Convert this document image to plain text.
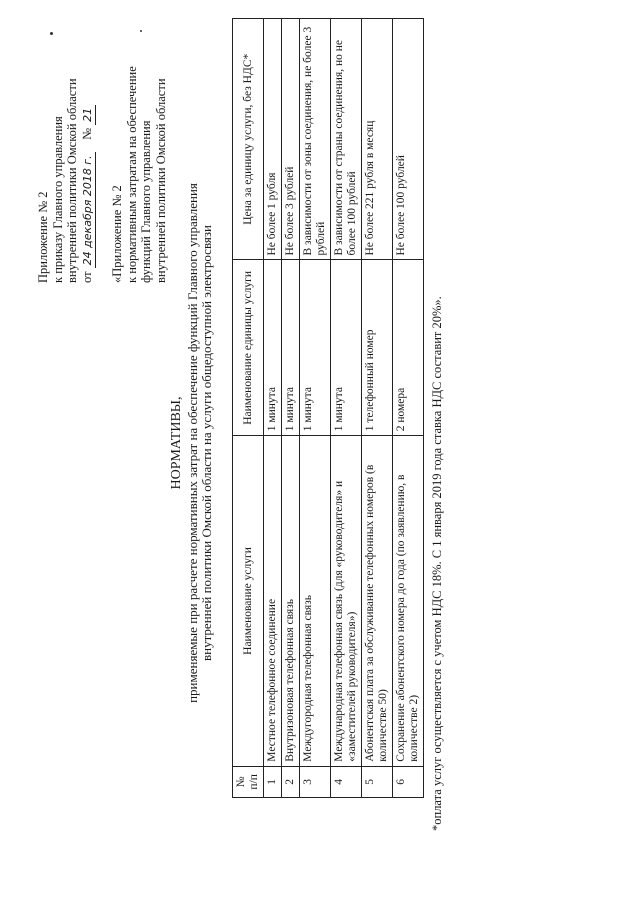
Приложение № 2 к приказу Главного управления внутренней политики Омской области от 24 декабря 2018 г.    № 21
«Приложение № 2 к нормативным затратам на обеспечение функций Главного управления внутренней политики Омской области
НОРМАТИВЫ, применяемые при расчете нормативных затрат на обеспечение функций Главного управления внутренней политики Омской области на услуги общедоступной электросвязи
№ п/п	Наименование услуги	Наименование единицы услуги	Цена за единицу услуги, без НДС*
1	Местное телефонное соединение	1 минута	Не более 1 рубля
2	Внутризоновая телефонная связь	1 минута	Не более 3 рублей
3	Междугородная телефонная связь	1 минута	В зависимости от зоны соединения, не более 3 рублей
4	Международная телефонная связь (для «руководителя» и «заместителей руководителя»)	1 минута	В зависимости от страны соединения, но не более 100 рублей
5	Абонентская плата за обслуживание телефонных номеров (в количестве 50)	1 телефонный номер	Не более 221 рубля в месяц
6	Сохранение абонентского номера до года (по заявлению, в количестве 2)	2 номера	Не более 100 рублей
*оплата услуг осуществляется с учетом НДС 18%. С 1 января 2019 года ставка НДС составит 20%».
